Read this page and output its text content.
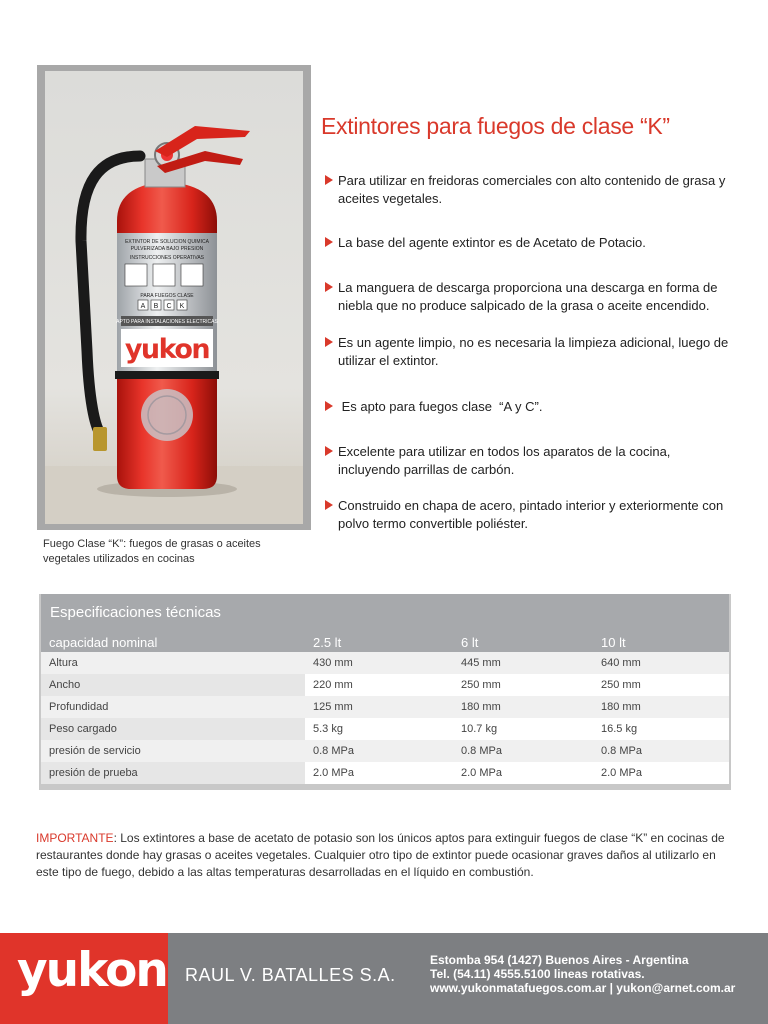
EXTINTOR DE SOLUCION QUIMICA
PULVERIZADA BAJO PRESION
INSTRUCCIONES OPERATIVAS
PARA FUEGOS CLASE
A B C K
APTO PARA INSTALACIONES ELECTRICAS
yukon
Fuego Clase “K”: fuegos de grasas o aceites vegetales utilizados en cocinas
Extintores para fuegos de clase “K”
Para utilizar en freidoras comerciales con alto contenido de grasa y aceites vegetales.
La base del agente extintor es de Acetato de Potacio.
La manguera de descarga proporciona una descarga en forma de niebla que no produce salpicado de la grasa o aceite encendido.
Es un agente limpio, no es necesaria la limpieza adicional, luego de utilizar el extintor.
Es apto para fuegos clase  “A y C”.
Excelente para utilizar en todos los aparatos de la cocina, incluyendo parrillas de carbón.
Construido en chapa de acero, pintado interior y exteriormente con polvo termo convertible poliéster.
Especificaciones técnicas
capacidad nominal	2.5 lt	6 lt	10 lt
Altura	430 mm	445 mm	640 mm
Ancho	220 mm	250 mm	250 mm
Profundidad	125 mm	180 mm	180 mm
Peso cargado	5.3 kg	10.7 kg	16.5 kg
presión de servicio	0.8 MPa	0.8 MPa	0.8 MPa
presión de prueba	2.0 MPa	2.0 MPa	2.0 MPa

IMPORTANTE: Los extintores a base de acetato de potasio son los únicos aptos para extinguir fuegos de clase “K” en cocinas de restaurantes donde hay grasas o aceites vegetales. Cualquier otro tipo de extintor puede ocasionar graves daños al utilizarlo en este tipo de fuego, debido a las altas temperaturas desarrolladas en el líquido en combustión.

yukon RAUL V. BATALLES S.A.
Estomba 954 (1427) Buenos Aires - Argentina
Tel. (54.11) 4555.5100 lineas rotativas.
www.yukonmatafuegos.com.ar | yukon@arnet.com.ar
